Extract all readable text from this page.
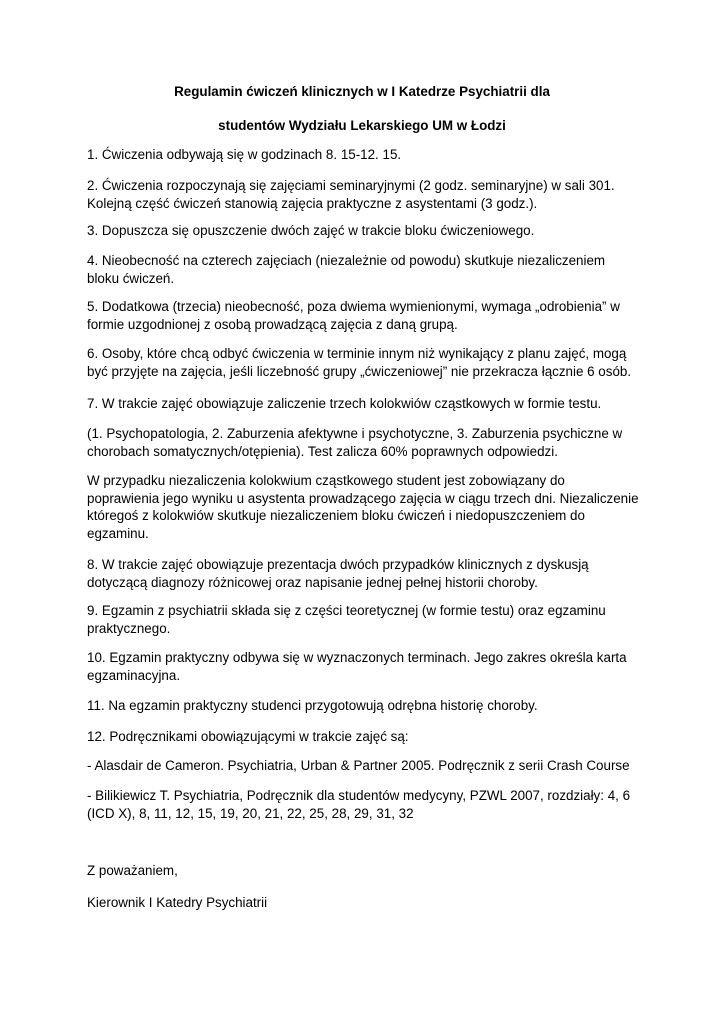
Regulamin ćwiczeń klinicznych w I Katedrze Psychiatrii dla
studentów Wydziału Lekarskiego UM w Łodzi
1. Ćwiczenia odbywają się w godzinach 8. 15-12. 15.
2. Ćwiczenia rozpoczynają się zajęciami seminaryjnymi (2 godz. seminaryjne) w sali 301.
Kolejną część ćwiczeń stanowią zajęcia praktyczne z asystentami (3 godz.).
3. Dopuszcza się opuszczenie dwóch zajęć w trakcie bloku ćwiczeniowego.
4. Nieobecność na czterech zajęciach (niezależnie od powodu) skutkuje niezaliczeniem
bloku ćwiczeń.
5. Dodatkowa (trzecia) nieobecność, poza dwiema wymienionymi, wymaga „odrobienia” w
formie uzgodnionej z osobą prowadzącą zajęcia z daną grupą.
6. Osoby, które chcą odbyć ćwiczenia w terminie innym niż wynikający z planu zajęć, mogą
być przyjęte na zajęcia, jeśli liczebność grupy „ćwiczeniowej” nie przekracza łącznie 6 osób.
7. W trakcie zajęć obowiązuje zaliczenie trzech kolokwiów cząstkowych w formie testu.
(1. Psychopatologia, 2. Zaburzenia afektywne i psychotyczne, 3. Zaburzenia psychiczne w
chorobach somatycznych/otępienia). Test zalicza 60% poprawnych odpowiedzi.
W przypadku niezaliczenia kolokwium cząstkowego student jest zobowiązany do
poprawienia jego wyniku u asystenta prowadzącego zajęcia w ciągu trzech dni. Niezaliczenie
któregoś z kolokwiów skutkuje niezaliczeniem bloku ćwiczeń i niedopuszczeniem do
egzaminu.
8. W trakcie zajęć obowiązuje prezentacja dwóch przypadków klinicznych z dyskusją
dotyczącą diagnozy różnicowej oraz napisanie jednej pełnej historii choroby.
9. Egzamin z psychiatrii składa się z części teoretycznej (w formie testu) oraz egzaminu
praktycznego.
10. Egzamin praktyczny odbywa się w wyznaczonych terminach. Jego zakres określa karta
egzaminacyjna.
11. Na egzamin praktyczny studenci przygotowują odrębna historię choroby.
12. Podręcznikami obowiązującymi w trakcie zajęć są:
- Alasdair de Cameron. Psychiatria, Urban & Partner 2005. Podręcznik z serii Crash Course
- Bilikiewicz T. Psychiatria, Podręcznik dla studentów medycyny, PZWL 2007, rozdziały: 4, 6
(ICD X), 8, 11, 12, 15, 19, 20, 21, 22, 25, 28, 29, 31, 32
Z poważaniem,
Kierownik I Katedry Psychiatrii
